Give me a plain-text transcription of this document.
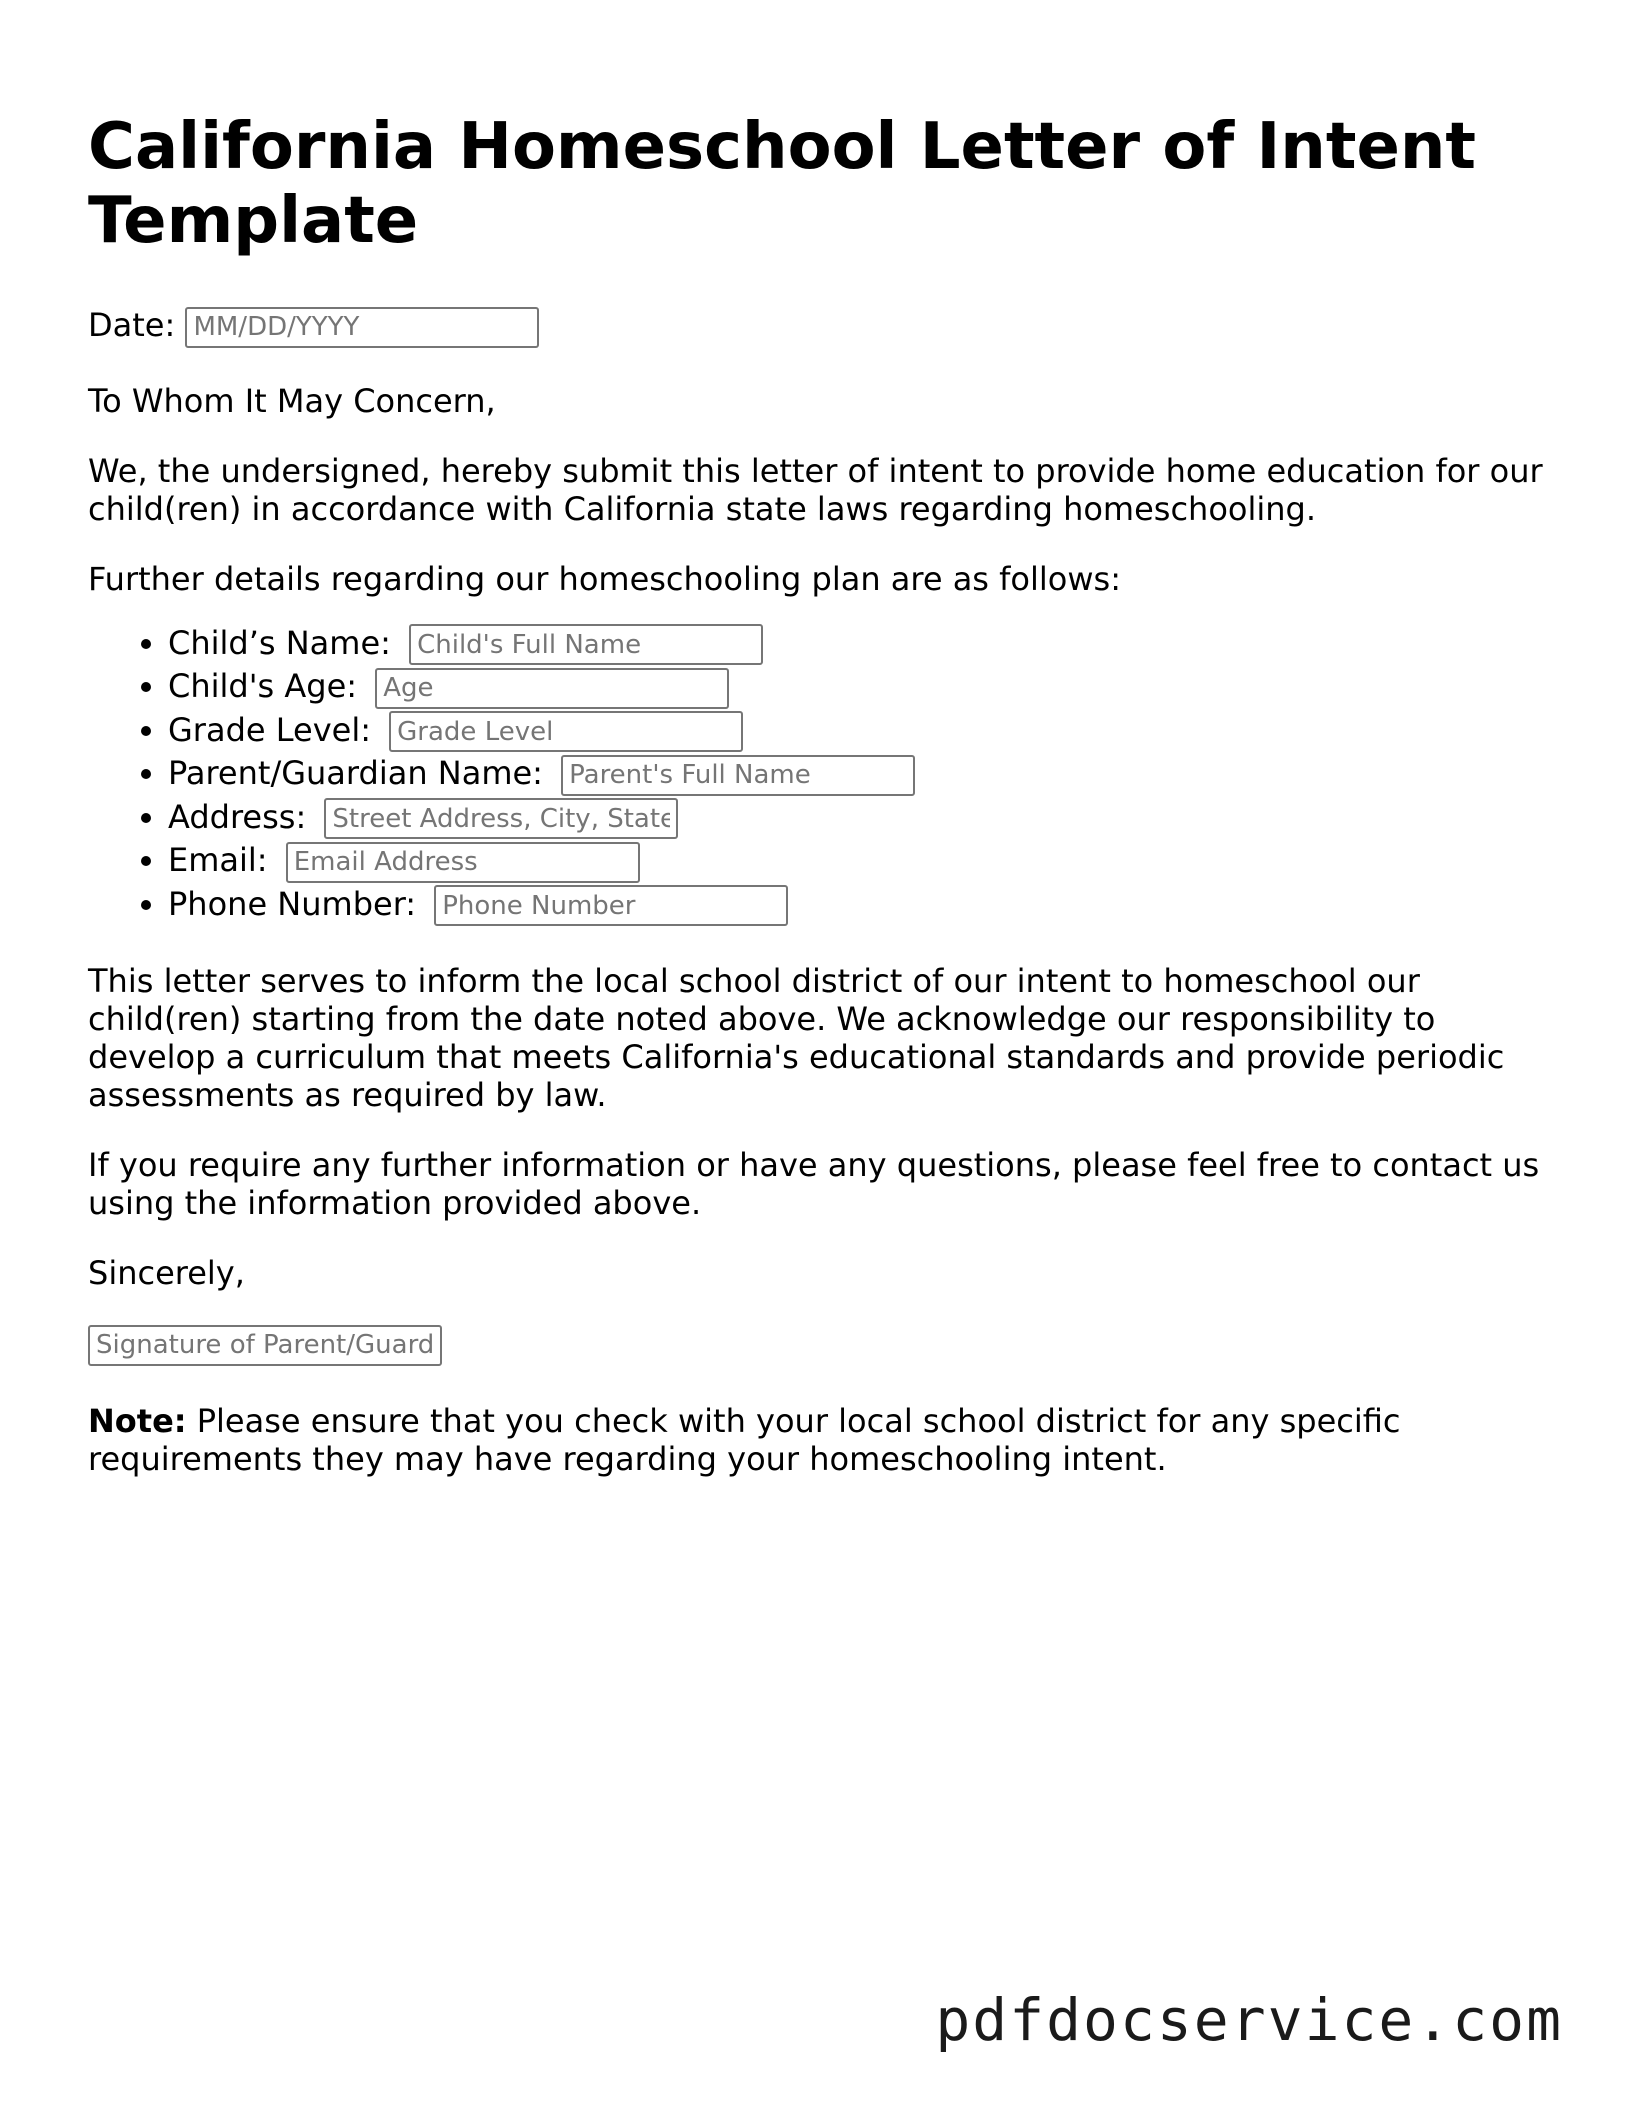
California Homeschool Letter of Intent Template

Date: MM/DD/YYYY

To Whom It May Concern,

We, the undersigned, hereby submit this letter of intent to provide home education for our child(ren) in accordance with California state laws regarding homeschooling.

Further details regarding our homeschooling plan are as follows:

• Child’s Name: Child's Full Name
• Child's Age: Age
• Grade Level: Grade Level
• Parent/Guardian Name: Parent's Full Name
• Address: Street Address, City, State
• Email: Email Address
• Phone Number: Phone Number

This letter serves to inform the local school district of our intent to homeschool our child(ren) starting from the date noted above. We acknowledge our responsibility to develop a curriculum that meets California's educational standards and provide periodic assessments as required by law.

If you require any further information or have any questions, please feel free to contact us using the information provided above.

Sincerely,

Signature of Parent/Guardian

Note: Please ensure that you check with your local school district for any specific requirements they may have regarding your homeschooling intent.

pdfdocservice.com
